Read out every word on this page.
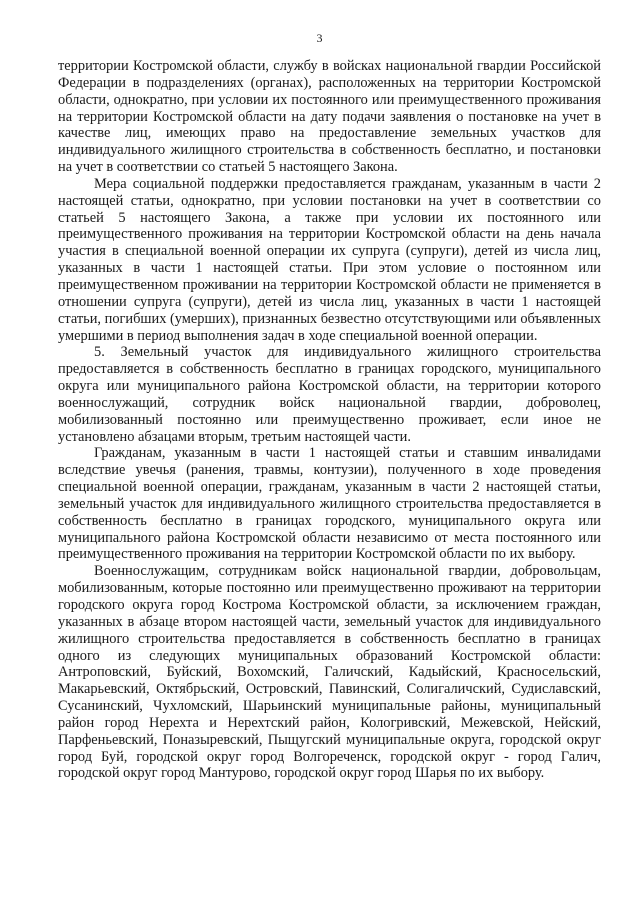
3

территории Костромской области, службу в войсках национальной гвардии Российской Федерации в подразделениях (органах), расположенных на территории Костромской области, однократно, при условии их постоянного или преимущественного проживания на территории Костромской области на дату подачи заявления о постановке на учет в качестве лиц, имеющих право на предоставление земельных участков для индивидуального жилищного строительства в собственность бесплатно, и постановки на учет в соответствии со статьей 5 настоящего Закона.

Мера социальной поддержки предоставляется гражданам, указанным в части 2 настоящей статьи, однократно, при условии постановки на учет в соответствии со статьей 5 настоящего Закона, а также при условии их постоянного или преимущественного проживания на территории Костромской области на день начала участия в специальной военной операции их супруга (супруги), детей из числа лиц, указанных в части 1 настоящей статьи. При этом условие о постоянном или преимущественном проживании на территории Костромской области не применяется в отношении супруга (супруги), детей из числа лиц, указанных в части 1 настоящей статьи, погибших (умерших), признанных безвестно отсутствующими или объявленных умершими в период выполнения задач в ходе специальной военной операции.

5. Земельный участок для индивидуального жилищного строительства предоставляется в собственность бесплатно в границах городского, муниципального округа или муниципального района Костромской области, на территории которого военнослужащий, сотрудник войск национальной гвардии, доброволец, мобилизованный постоянно или преимущественно проживает, если иное не установлено абзацами вторым, третьим настоящей части.

Гражданам, указанным в части 1 настоящей статьи и ставшим инвалидами вследствие увечья (ранения, травмы, контузии), полученного в ходе проведения специальной военной операции, гражданам, указанным в части 2 настоящей статьи, земельный участок для индивидуального жилищного строительства предоставляется в собственность бесплатно в границах городского, муниципального округа или муниципального района Костромской области независимо от места постоянного или преимущественного проживания на территории Костромской области по их выбору.

Военнослужащим, сотрудникам войск национальной гвардии, добровольцам, мобилизованным, которые постоянно или преимущественно проживают на территории городского округа город Кострома Костромской области, за исключением граждан, указанных в абзаце втором настоящей части, земельный участок для индивидуального жилищного строительства предоставляется в собственность бесплатно в границах одного из следующих муниципальных образований Костромской области: Антроповский, Буйский, Вохомский, Галичский, Кадыйский, Красносельский, Макарьевский, Октябрьский, Островский, Павинский, Солигаличский, Судиславский, Сусанинский, Чухломский, Шарьинский муниципальные районы, муниципальный район город Нерехта и Нерехтский район, Кологривский, Межевской, Нейский, Парфеньевский, Поназыревский, Пыщугский муниципальные округа, городской округ город Буй, городской округ город Волгореченск, городской округ - город Галич, городской округ город Мантурово, городской округ город Шарья по их выбору.
